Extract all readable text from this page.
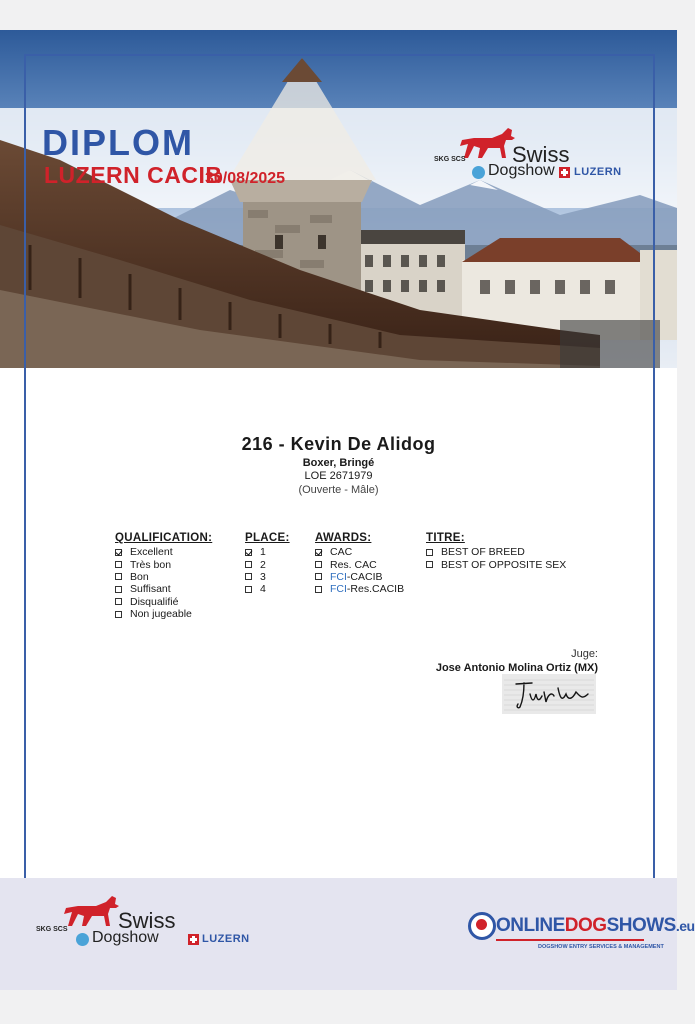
DIPLOM
LUZERN CACIB
30/08/2025
SKG SCS Swiss
Dogshow LUZERN
216 - Kevin De Alidog
Boxer, Bringé
LOE 2671979
(Ouverte - Mâle)
QUALIFICATION:
Excellent
Très bon
Bon
Suffisant
Disqualifié
Non jugeable
PLACE:
1
2
3
4
AWARDS:
CAC
Res. CAC
FCI -CACIB
FCI -Res.CACIB
TITRE:
BEST OF BREED
BEST OF OPPOSITE SEX
Juge:
Jose Antonio Molina Ortiz (MX)
SKG SCS Swiss
Dogshow	LUZERN
ONLINEDOGSHOWS.eu
DOGSHOW ENTRY SERVICES & MANAGEMENT
